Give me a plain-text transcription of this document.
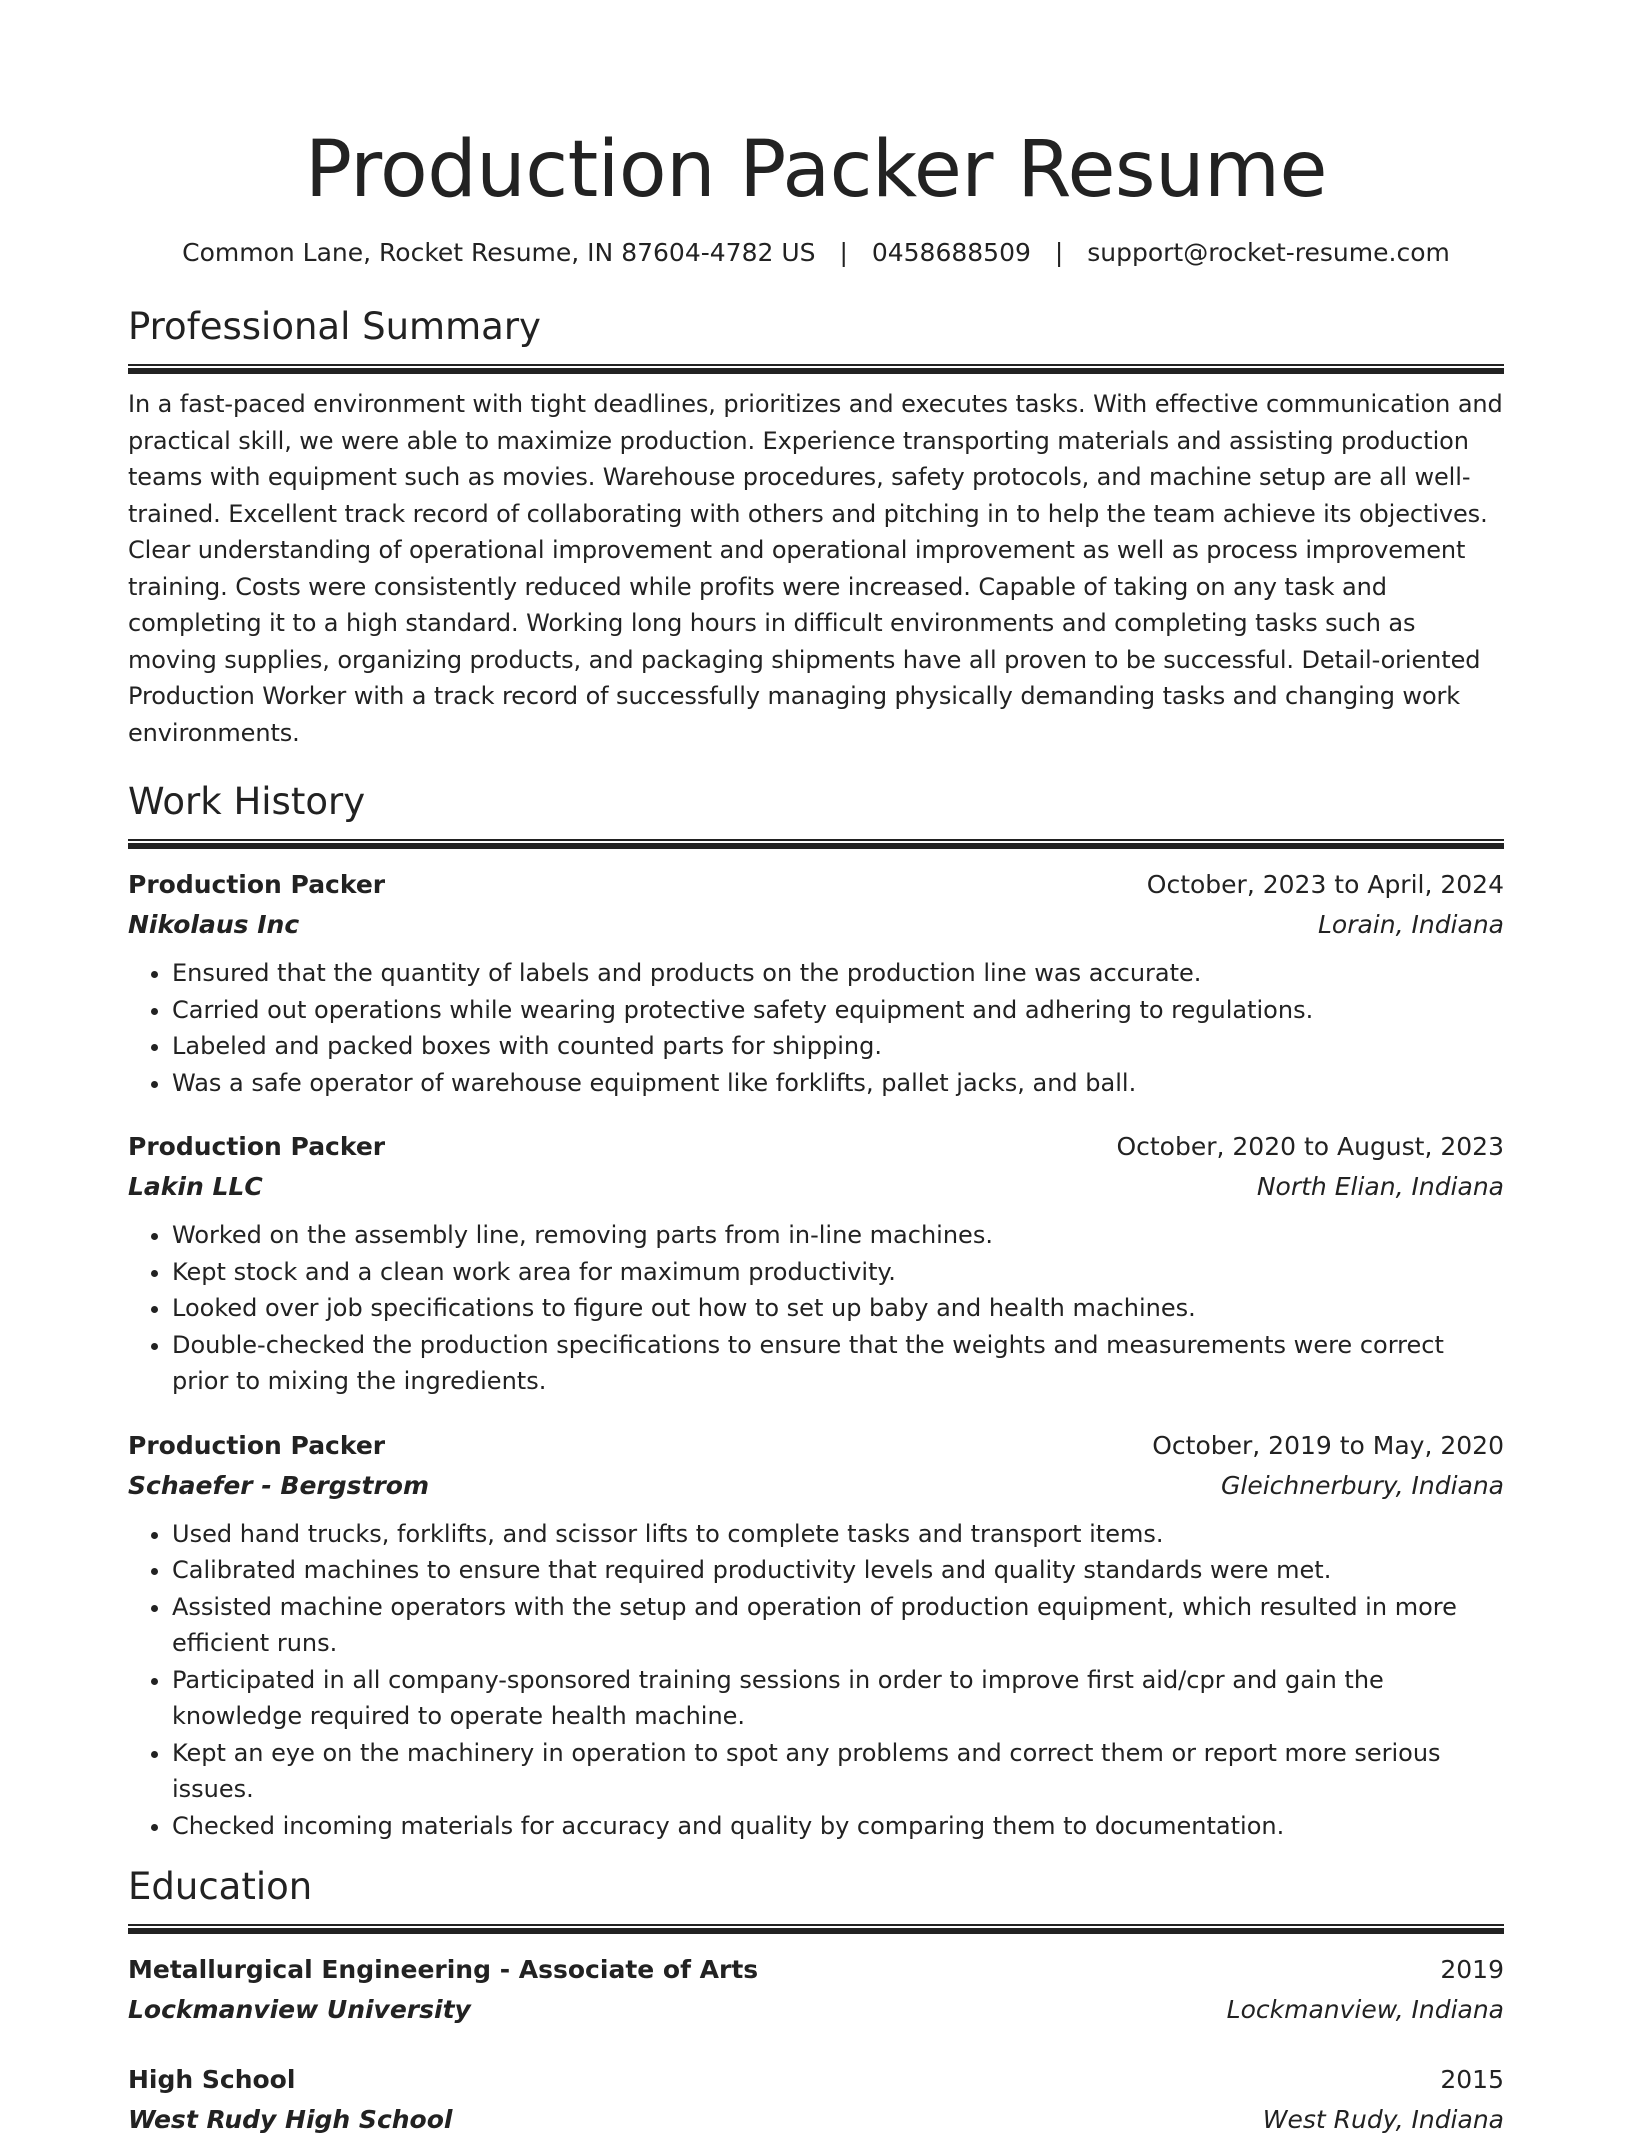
Production Packer Resume
Common Lane, Rocket Resume, IN 87604-4782 US | 0458688509 | support@rocket-resume.com
Professional Summary

In a fast-paced environment with tight deadlines, prioritizes and executes tasks. With effective communication and practical skill, we were able to maximize production. Experience transporting materials and assisting production teams with equipment such as movies. Warehouse procedures, safety protocols, and machine setup are all well-trained. Excellent track record of collaborating with others and pitching in to help the team achieve its objectives. Clear understanding of operational improvement and operational improvement as well as process improvement training. Costs were consistently reduced while profits were increased. Capable of taking on any task and completing it to a high standard. Working long hours in difficult environments and completing tasks such as moving supplies, organizing products, and packaging shipments have all proven to be successful. Detail-oriented Production Worker with a track record of successfully managing physically demanding tasks and changing work environments.

Work History
Production Packer	October, 2023 to April, 2024
Nikolaus Inc	Lorain, Indiana
• Ensured that the quantity of labels and products on the production line was accurate.
• Carried out operations while wearing protective safety equipment and adhering to regulations.
• Labeled and packed boxes with counted parts for shipping.
• Was a safe operator of warehouse equipment like forklifts, pallet jacks, and ball.
Production Packer	October, 2020 to August, 2023
Lakin LLC	North Elian, Indiana
• Worked on the assembly line, removing parts from in-line machines.
• Kept stock and a clean work area for maximum productivity.
• Looked over job specifications to figure out how to set up baby and health machines.
• Double-checked the production specifications to ensure that the weights and measurements were correct prior to mixing the ingredients.
Production Packer	October, 2019 to May, 2020
Schaefer - Bergstrom	Gleichnerbury, Indiana
• Used hand trucks, forklifts, and scissor lifts to complete tasks and transport items.
• Calibrated machines to ensure that required productivity levels and quality standards were met.
• Assisted machine operators with the setup and operation of production equipment, which resulted in more efficient runs.
• Participated in all company-sponsored training sessions in order to improve first aid/cpr and gain the knowledge required to operate health machine.
• Kept an eye on the machinery in operation to spot any problems and correct them or report more serious issues.
• Checked incoming materials for accuracy and quality by comparing them to documentation.
Education
Metallurgical Engineering - Associate of Arts	2019
Lockmanview University	Lockmanview, Indiana
High School	2015
West Rudy High School	West Rudy, Indiana
